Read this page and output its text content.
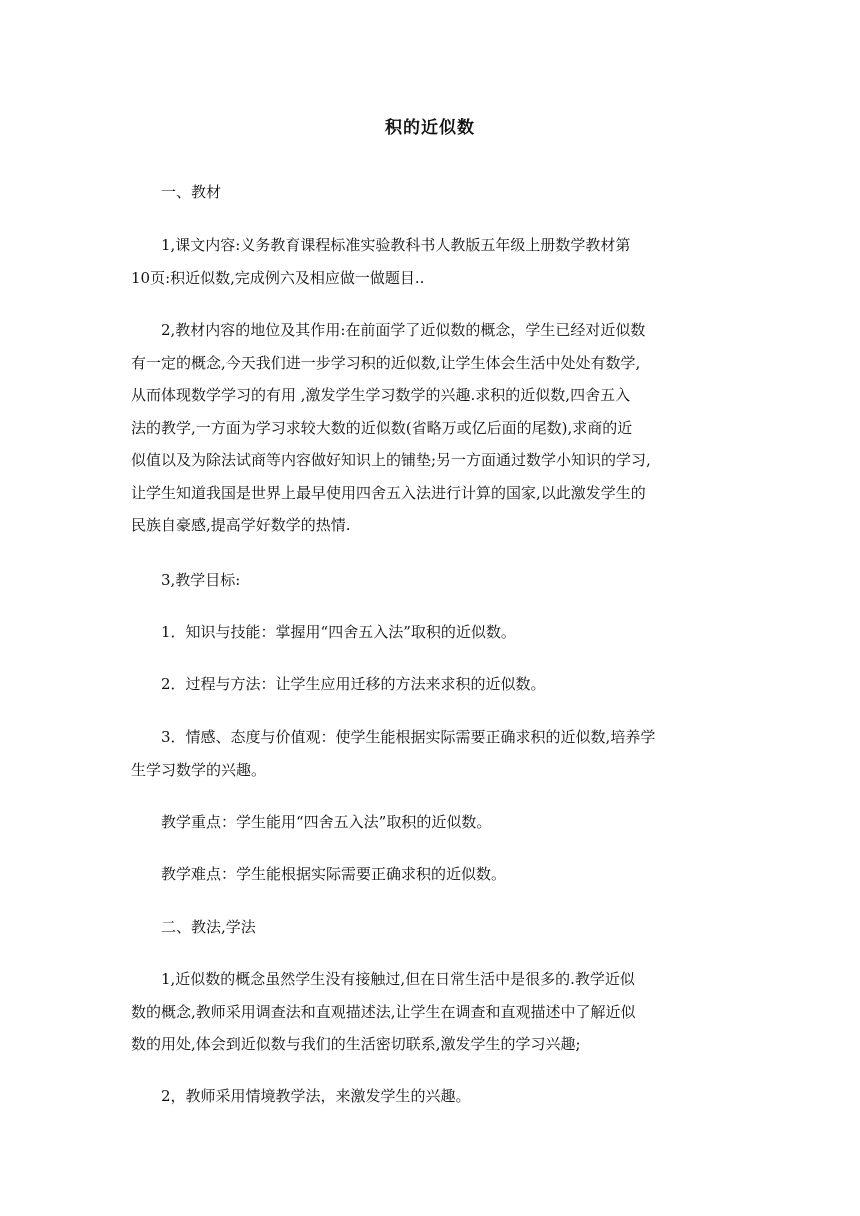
积的近似数
一、教材
1,课文内容:义务教育课程标准实验教科书人教版五年级上册数学教材第
10页:积近似数,完成例六及相应做一做题目..
2,教材内容的地位及其作用:在前面学了近似数的概念，学生已经对近似数
有一定的概念,今天我们进一步学习积的近似数,让学生体会生活中处处有数学,
从而体现数学学习的有用 ,激发学生学习数学的兴趣.求积的近似数,四舍五入
法的教学,一方面为学习求较大数的近似数(省略万或亿后面的尾数),求商的近
似值以及为除法试商等内容做好知识上的铺垫;另一方面通过数学小知识的学习,
让学生知道我国是世界上最早使用四舍五入法进行计算的国家,以此激发学生的
民族自豪感,提高学好数学的热情.
3,教学目标:
1．知识与技能：掌握用“四舍五入法”取积的近似数。
2．过程与方法：让学生应用迁移的方法来求积的近似数。
3．情感、态度与价值观：使学生能根据实际需要正确求积的近似数,培养学
生学习数学的兴趣。
教学重点：学生能用“四舍五入法”取积的近似数。
教学难点：学生能根据实际需要正确求积的近似数。
二、教法,学法
1,近似数的概念虽然学生没有接触过,但在日常生活中是很多的.教学近似
数的概念,教师采用调查法和直观描述法,让学生在调查和直观描述中了解近似
数的用处,体会到近似数与我们的生活密切联系,激发学生的学习兴趣;
2，教师采用情境教学法，来激发学生的兴趣。
